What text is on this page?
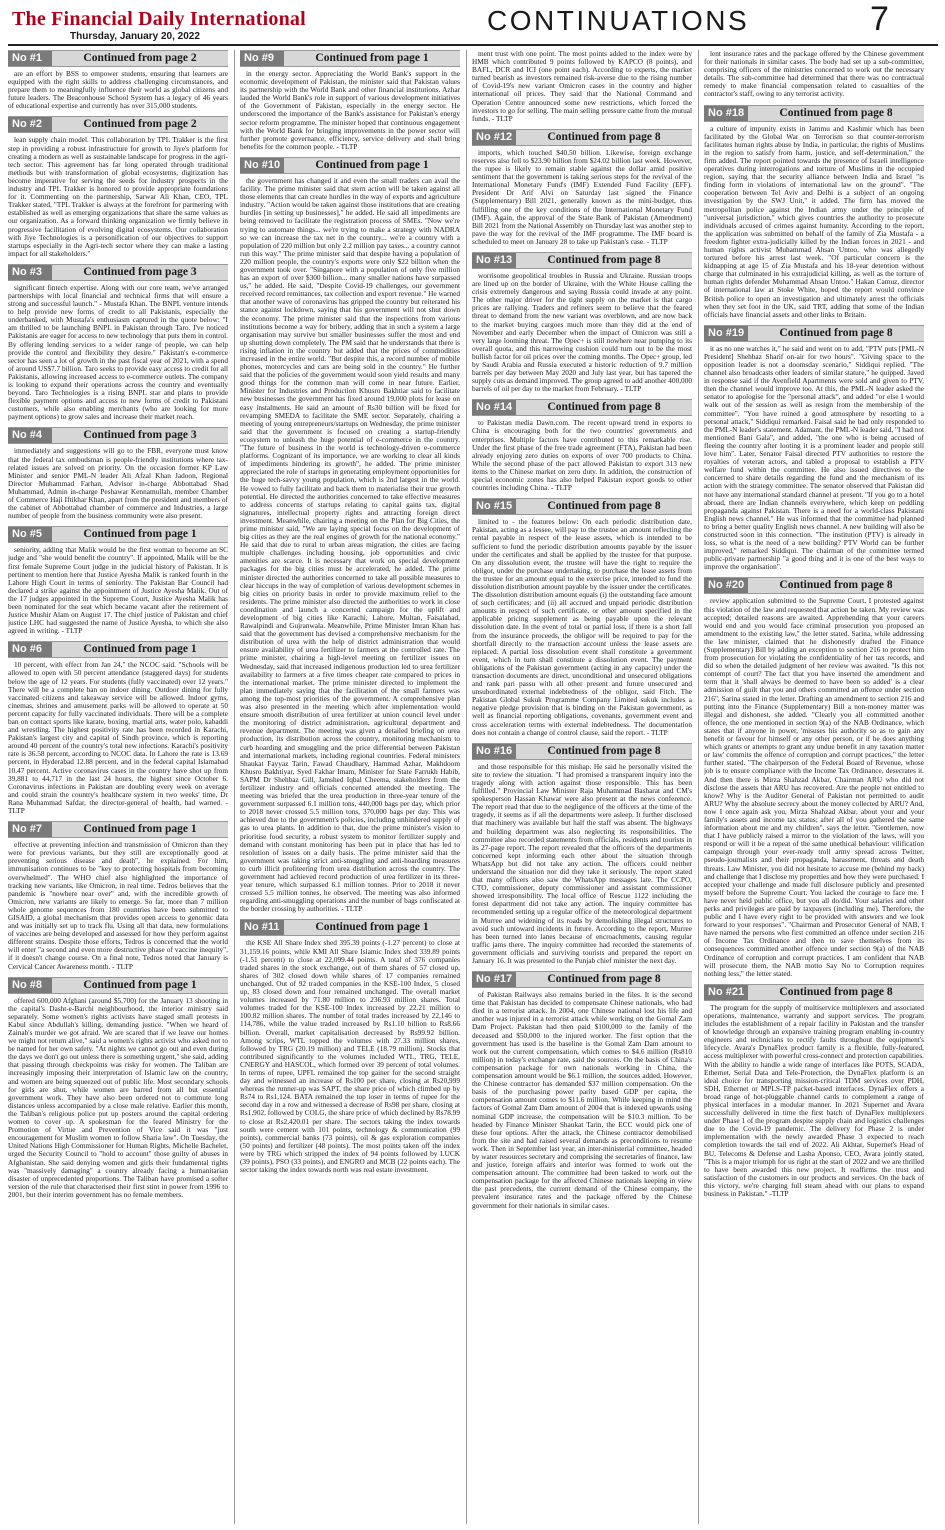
The Financial Daily International
Thursday, January 20, 2022
CONTINUATIONS	7
No #1	Continued from page 2

are an effort by BSS to empower students, ensuring that learners are equipped with the right skills to address challenging circumstances, and prepare them to meaningfully influence their world as global citizens and future leaders. The Beaconhouse School System has a legacy of 46 years of educational expertise and currently has over 315,000 students.

No #2	Continued from page 2

lean supply chain model. This collaboration by TPL Trakker is the first step in providing a robust infrastructure for growth to Jiye's platform for creating a modern as well as sustainable landscape for progress in the agri-tech sector. This agreement has far long operated through traditional methods but with transformation of global ecosystems, digitization has become imperative for serving the seeds for industry prospects in the industry and TPL Trakker is honored to provide appropriate foundations for it. Commenting on the partnership, Sarwar Ali Khan, CEO, TPL Trakker stated, "TPL Trakker is always at the forefront for partnering with established as well as emerging organizations that share the same values as our organization. As a forward thinking organization we firmly believe in progressive facilitation of evolving digital ecosystems. Our collaboration with Jiye Technologies is a personification of our objectives to support startups especially in the Agri-tech sector where they can make a lasting impact for all stakeholders."

No #3	Continued from page 3

significant fintech expertise. Along with our core team, we've arranged partnerships with local financial and technical firms that will ensure a strong and successful launch." - Mustafa Khan. The BNPL venture intends to help provide new forms of credit to all Pakistanis, especially the underbanked, with Mustafa's enthusiasm captured in the quote below: "I am thrilled to be launching BNPL in Pakistan through Taro. I've noticed Pakistanis are eager for access to new technology that puts them in control. By offering lending services to a wider range of people, we can help provide the control and flexibility they desire." Pakistan's e-commerce sector has seen a lot of growth in the past fiscal year of 2021, with a spend of around US$7.7 billion. Taro seeks to provide easy access to credit for all Pakistanis, allowing increased access to e-commerce outlets. The company is looking to expand their operations across the country and eventually beyond. Taro Technologies is a rising BNPL star and plans to provide flexible payment options and access to new forms of credit to Pakistani customers, while also enabling merchants (who are looking for more payment options) to grow sales and increase their market reach.

No #4	Continued from page 3

immediately and suggestions will go to the FBR, everyone must know that the federal tax ombudsman is people-friendly institutions where tax-related issues are solved on priority. On the occasion former KP Law Minister and senior PML-N leader Ali Afzal Khan Jadoon, Regional Director Muhammad Farhan, Advisor in-charge Abbottabad Shad Muhammad, Admin in-charge Peshawar Kennamullah, member Chamber of Commerce Haji Iftikhar Khan, apart from the president and members of the cabinet of Abbottabad chamber of commerce and Industries, a large number of people from the business community were also present.

No #5	Continued from page 1

seniority, adding that Malik would be the first woman to become an SC judge and "she would benefit the country". If appointed, Malik will be the first female Supreme Court judge in the judicial history of Pakistan. It is pertinent to mention here that Justice Ayesha Malik is ranked fourth in the Lahore High Court in terms of seniority. The Pakistan Bar Council had declared a strike against the appointment of Justice Ayesha Malik. Out of the 17 judges appointed in the Supreme Court, Justice Ayesha Malik has been nominated for the seat which became vacant after the retirement of Justice Mushir Alam on August 17. The chief justice of Pakistan and chief justice LHC had suggested the name of Justice Ayesha, to which she also agreed in writing. - TLTP

No #6	Continued from page 1

10 percent, with effect from Jan 24," the NCOC said. "Schools will be allowed to open with 50 percent attendance (staggered days) for students below the age of 12 years. For students (fully vaccinated) over 12 years." There will be a complete ban on indoor dining. Outdoor dining for fully vaccinated citizens and takeaway service will be allowed. Indoor gyms, cinemas, shrines and amusement parks will be allowed to operate at 50 percent capacity for fully vaccinated individuals. There will be a complete ban on contact sports like karate, boxing, martial arts, water polo, kabaddi and wrestling. The highest positivity rate has been recorded in Karachi, Pakistan's largest city and capital of Sindh province, which is reporting around 40 percent of the country's total new infections. Karachi's positivity rate is 36.58 percent, according to NCOC data. In Lahore the rate is 13.69 percent, in Hyderabad 12.88 percent, and in the federal capital Islamabad 10.47 percent. Active coronavirus cases in the country have shot up from 39,881 to 44,717 in the last 24 hours, the highest since October 6. Coronavirus infections in Pakistan are doubling every week on average and could strain the country's healthcare system in two weeks' time, Dr Rana Muhammad Safdar, the director-general of health, had warned. - TLTP

No #7	Continued from page 1

effective at preventing infection and transmission of Omicron than they were for previous variants, but they still are exceptionally good at preventing serious disease and death", he explained. For him, immunisation continues to be "key to protecting hospitals from becoming overwhelmed". The WHO chief also highlighted the importance of tracking new variants, like Omicron, in real time. Tedros believes that the pandemic is "nowhere near over" and, with the incredible growth of Omicron, new variants are likely to emerge. So far, more than 7 million whole genome sequences from 180 countries have been submitted to GISAID, a global mechanism that provides open access to genomic data and was initially set up to track flu. Using all that data, new formulations of vaccines are being developed and assessed for how they perform against different strains. Despite those efforts, Tedros is concerned that the world will enter "a second and even more destructive phase of vaccine inequity", if it doesn't change course. On a final note, Tedros noted that January is Cervical Cancer Awareness month. - TLTP

No #8	Continued from page 1

offered 600,000 Afghani (around $5,700) for the January 13 shooting in the capital's Dasht-e-Barchi neighbourhood, the interior ministry said separately. Some women's rights activists have staged small protests in Kabul since Abdullah's killing, demanding justice. "When we heard of Zainab's murder we got afraid. We are scared that if we leave our homes we might not return alive," said a women's rights activist who asked not to be named for her own safety. "At nights we cannot go out and even during the days we don't go out unless there is something urgent," she said, adding that passing through checkpoints was risky for women. The Taliban are increasingly imposing their interpretation of Islamic law on the country, and women are being squeezed out of public life. Most secondary schools for girls are shut, while women are barred from all but essential government work. They have also been ordered not to commute long distances unless accompanied by a close male relative. Earlier this month, the Taliban's religious police put up posters around the capital ordering women to cover up. A spokesman for the feared Ministry for the Promotion of Virtue and Prevention of Vice said it was "just encouragement for Muslim women to follow Sharia law". On Tuesday, the United Nations High Commissioner for Human Rights, Michelle Bachelet, urged the Security Council to "hold to account" those guilty of abuses in Afghanistan. She said denying women and girls their fundamental rights was "massively damaging" a country already facing a humanitarian disaster of unprecedented proportions. The Taliban have promised a softer version of the rule that characterised their first stint in power from 1996 to 2001, but their interim government has no female members.

No #9	Continued from page 1

in the energy sector. Appreciating the World Bank's support in the economic development of Pakistan, the minister said that Pakistan values its partnership with the World Bank and other financial institutions. Azhar lauded the World Bank's role in support of various development initiatives of the Government of Pakistan, especially in the energy sector. He underscored the importance of the Bank's assistance for Pakistan's energy sector reform programme. The minister hoped that continuous engagement with the World Bank for bringing improvements in the power sector will further promote governance, efficiency, service delivery and shall bring benefits for the common people. - TLTP

No #10	Continued from page 1

the government has changed it and even the small traders can avail the facility. The prime minister said that stern action will be taken against all those elements that can create hurdles in the way of exports and agriculture industry. "Action would be taken against those institutions that are creating hurdles [in setting up businesses]," he added. He said all impediments are being removed to facilitate the registration process of SMEs. "Now we're trying to automate things... we're trying to make a strategy with NADRA so we can increase the tax net in the country... we're a country with a population of 220 million but only 2.2 million pay taxes... a country cannot run this way." The prime minister said that despite having a population of 220 million people, the country's exports were only $22 billion when the government took over. "Singapore with a population of only five million has an export of over $300 billion... many smaller nations have surpassed us," he added. He said, "Despite Covid-19 challenges, our government received record remittances, tax collection and export revenue." He warned that another wave of coronavirus has gripped the country but reiterated his stance against lockdown, saying that his government will not shut down the economy. The prime minister said that the inspections from various institutions become a way for bribery, adding that in such a system a large organisation may survive but smaller businesses suffer the most and end up shutting down completely. The PM said that he understands that there is rising inflation in the country but added that the prices of commodities increased in the entire world. "But despite this, a record number of mobile phones, motorcycles and cars are being sold in the country." He further said that the policies of the government would soon yield results and many good things for the common man will come in near future. Earlier, Minister for Industries and Production Khusro Bakhtiar said to facilitate new businesses the government has fixed around 19,000 plots for lease on easy instalments. He said an amount of Rs30 billion will be fixed for revamping SMEDA to facilitate the SME sector. Separately, chairing a meeting of young entrepreneurs/startups on Wednesday, the prime minister said that the government is focused on creating a startup-friendly ecosystem to unleash the huge potential of e-commerce in the country. "The future of business in the world is technology-driven e-commerce platforms. Cognizant of its importance, we are working to clear all kinds of impediments hindering its growth", he added. The prime minister appreciated the role of startups in generating employment opportunities for the huge tech-savvy young population, which is 2nd largest in the world. He vowed to fully facilitate and back them to materialise their true growth potential. He directed the authorities concerned to take effective measures to address concerns of startups relating to capital gains tax, digital signatures, intellectual property rights and attracting foreign direct investment. Meanwhile, chairing a meeting on the Plan for Big Cities, the prime minister said, "We are laying special focus on the development of big cities as they are the real engines of growth for the national economy." He said that due to rural to urban areas migration, the cities are facing multiple challenges including housing, job opportunities and civic amenities are scarce. It is necessary that work on special development packages for the big cities must be accelerated, he added. The prime minister directed the authorities concerned to take all possible measures to clear hiccups in the way of completion of various development schemes in big cities on priority basis in order to provide maximum relief to the residents. The prime minister also directed the authorities to work in close coordination and launch a concerted campaign for the uplift and development of big cities like Karachi, Lahore, Multan, Faisalabad, Rawalpindi and Gujranwala. Meanwhile, Prime Minister Imran Khan has said that the government has devised a comprehensive mechanism for the distribution of urea with the help of district administration that would ensure availability of urea fertilizer to farmers at the controlled rate. The prime minister, chairing a high-level meeting on fertilizer issues on Wednesday, said that increased indigenous production led to urea fertilizer availability to farmers at a five times cheaper rate compared to prices in the international market. The prime minister directed to implement the plan immediately saying that the facilitation of the small farmers was among the top-most priorities of the government. A comprehensive plan was also presented in the meeting which after implementation would ensure smooth distribution of urea fertilizer at union council level under the monitoring of district administration, agricultural department and revenue department. The meeting was given a detailed briefing on urea production, its distribution across the country, monitoring mechanism to curb hoarding and smuggling and the price differential between Pakistan and international markets, including regional countries. Federal ministers Shaukat Fayyaz Tarin, Fawad Chaudhary, Hammad Azhar, Makhdoom Khusro Bakhtiyar, Syed Fakhar Imam, Minister for State Farrukh Habib, SAPM Dr Shehbaz Gill, Jamshed Iqbal Cheema, stakeholders from the fertilizer industry and officials concerned attended the meeting. The meeting was briefed that the urea production in three-year tenure of the government surpassed 6.1 million tons, 440,000 bags per day, which prior to 2018 never crossed 5.5 million tons, 370,000 bags per day. This was achieved due to the government's policies, including unhindered supply of gas to urea plants. In addition to that, due the prime minister's vision to prioritise food security, a robust system to monitor fertilizer supply and demand with constant monitoring has been put in place that has led to resolution of issues on a daily basis. The prime minister said that the government was taking strict anti-smuggling and anti-hoarding measures to curb illicit profiteering from urea distribution across the country. The government had achieved record production of urea fertilizer in its three-year tenure, which surpassed 6.1 million tonnes. Prior to 2018 it never crossed 5.5 million tonnes, he observed. The meeting was also informed regarding anti-smuggling operations and the number of bags confiscated at the border crossing by authorities. - TLTP

No #11	Continued from page 1

the KSE All Share Index shed 395.39 points (-1.27 percent) to close at 31,159.16 points, while KMI All Share Islamic Index shed 339.89 points (-1.51 percent) to close at 22,099.44 points. A total of 376 companies traded shares in the stock exchange, out of them shares of 57 closed up, shares of 302 closed down while shares of 17 companies remained unchanged. Out of 92 traded companies in the KSE-100 Index, 5 closed up, 83 closed down and four remained unchanged. The overall market volumes increased by 71.80 million to 236.93 million shares. Total volumes traded for the KSE-100 Index increased by 22.21 million to 100.82 million shares. The number of total trades increased by 22,146 to 114,786, while the value traded increased by Rs1.10 billion to Rs8.66 billion. Overall, market capitalisation decreased by Rs99.92 billion. Among scrips, WTL topped the volumes with 27.33 million shares, followed by TRG (20.19 million) and TELE (18.79 million). Stocks that contributed significantly to the volumes included WTL, TRG, TELE, CNERGY and HASCOL, which formed over 39 percent of total volumes. In terms of rupee, UPFL remained the top gainer for the second straight day and witnessed an increase of Rs100 per share, closing at Rs20,999 whereas the runner-up was SAPT, the share price of which climbed up by Rs74 to Rs1,124. BATA remained the top loser in terms of rupee for the second day in a row and witnessed a decrease of Rs98 per share, closing at Rs1,902, followed by COLG, the share price of which declined by Rs78.99 to close at Rs2,420.01 per share. The sectors taking the index towards south were cement with 101 points, technology & communication (99 points), commercial banks (73 points), oil & gas exploration companies (50 points) and fertilizer (48 points). The most points taken off the index were by TRG which stripped the index of 94 points followed by LUCK (39 points), PSO (33 points), and ENGRO and MCB (22 points each). The sector taking the index towards north was real estate investment.

ment trust with one point. The most points added to the index were by HMB which contributed 9 points followed by KAPCO (8 points), and BAFL, DCR and ICI (one point each). According to experts, the market turned bearish as investors remained risk-averse due to the rising number of Covid-19's new variant Omicron cases in the country and higher international oil prices. They said that the National Command and Operation Centre announced some new restrictions, which forced the investors to go for selling. The main selling pressure came from the mutual funds. - TLTP

No #12	Continued from page 8

imports, which touched $40.50 billion. Likewise, foreign exchange reserves also fell to $23.90 billion from $24.02 billion last week. However, the rupee is likely to remain stable against the dollar amid positive sentiment that the government is taking serious steps for the revival of the International Monetary Fund's (IMF) Extended Fund Facility (EFF). President Dr Arif Alvi on Saturday last signed the Finance (Supplementary) Bill 2021, generally known as the mini-budget, thus fulfilling one of the key conditions of the International Monetary Fund (IMF). Again, the approval of the State Bank of Pakistan (Amendment) Bill 2021 from the National Assembly on Thursday last was another step to pave the way for the revival of the IMF programme. The IMF board is scheduled to meet on January 28 to take up Pakistan's case. - TLTP

No #13	Continued from page 8

worrisome geopolitical troubles in Russia and Ukraine. Russian troops are lined up on the border of Ukraine, with the White House calling the crisis extremely dangerous and saying Russia could invade at any point. The other major driver for the tight supply on the market is that cargo prices are rallying. Traders and refiners seem to believe that the feared threat to demand from the new variant was overblown, and are now back to the market buying cargoes much more than they did at the end of November and early December when the impact of Omicron was still a very large looming threat. The Opec+ is still nowhere near pumping to its overall quota, and this narrowing cushion could turn out to be the most bullish factor for oil prices over the coming months. The Opec+ group, led by Saudi Arabia and Russia executed a historic reduction of 9.7 million barrels per day between May 2020 and July last year, but has tapered the supply cuts as demand improved. The group agreed to add another 400,000 barrels of oil per day to the market from February. - TLTP

No #14	Continued from page 8

to Pakistan media Dawn.com. The recent upward trend in exports to China is encouraging both for the two countries' governments and enterprises. Multiple factors have contributed to this remarkable rise. Under the first phase of the free trade agreement (FTA), Pakistan had been already enjoying zero duties on exports of over 700 products to China. While the second phase of the pact allowed Pakistan to export 313 new items to the Chinese market on zero duty. In addition, the construction of special economic zones has also helped Pakistan export goods to other countries including China. - TLTP

No #15	Continued from page 8

limited to - the features below: On each periodic distribution date, Pakistan, acting as a lessee, will pay to the trustee an amount reflecting the rental payable in respect of the lease assets, which is intended to be sufficient to fund the periodic distribution amounts payable by the issuer under the certificates and shall be applied by the trustee for that purpose. On any dissolution event, the trustee will have the right to require the obligor, under the purchase undertaking, to purchase the lease assets from the trustee for an amount equal to the exercise price, intended to fund the dissolution distribution amount payable by the issuer under the certificates. The dissolution distribution amount equals (i) the outstanding face amount of such certificates; and (ii) all accrued and unpaid periodic distribution amounts in respect of such certificate, or other amount specified in the applicable pricing supplement as being payable upon the relevant dissolution date. In the event of total or partial loss, if there is a short fall from the insurance proceeds, the obligor will be required to pay for the shortfall directly to the transaction account unless the lease assets are replaced. A partial loss dissolution event shall constitute a government event, which in turn shall constitute a dissolution event. The payment obligations of the Pakistan government (acting in any capacity) under the transaction documents are direct, unconditional and unsecured obligations and rank pari passu with all other present and future unsecured and unsubordinated external indebtedness of the obligor, said Fitch. The Pakistan Global Sukuk Programme Company Limited sukuk includes a negative pledge provision that is binding on the Pakistan government, as well as financial reporting obligations, covenants, government event and cross acceleration terms with external indebtedness. The documentation does not contain a change of control clause, said the report. - TLTP

No #16	Continued from page 8

and those responsible for this mishap. He said he personally visited the site to review the situation. "I had promised a transparent inquiry into the tragedy along with action against those responsible. This has been fulfilled." Provincial Law Minister Raja Muhammad Basharat and CM's spokesperson Hassan Khawar were also present at the news conference. The report read that due to the negligence of the officers at the time of the tragedy, it seems as if all the departments were asleep. It further disclosed that machinery was available but half the staff was absent. The highways and building department was also neglecting its responsibilities. The committee also recorded statements from officials, residents and tourists in its 27-page report. The report revealed that the officers of the departments concerned kept informing each other about the situation through WhatsApp but did not take any action. The officers could neither understand the situation nor did they take it seriously. The report stated that many officers also saw the WhatsApp messages late. The CCPO, CTO, commissioner, deputy commissioner and assistant commissioner showed irresponsibility. The local office of Rescue 1122 including the forest department did not take any action. The inquiry committee has recommended setting up a regular office of the meteorological department in Murree and widening of its roads by demolishing illegal structures to avoid such untoward incidents in future. According to the report, Murree has been turned into lanes because of encroachments, causing regular traffic jams there. The inquiry committee had recorded the statements of government officials and surviving tourists and prepared the report on January 16. It was presented to the Punjab chief minister the next day.

No #17	Continued from page 8

of Pakistan Railways also remains buried in the files. It is the second time that Pakistan has decided to compensate Chinese nationals, who had died in a terrorist attack. In 2004, one Chinese national lost his life and another was injured in a terrorist attack while working on the Gomal Zam Dam Project. Pakistan had then paid $100,000 to the family of the deceased and $50,000 to the injured worker. The first option that the government has used is the baseline is the Gomal Zam Dam amount to work out the current compensation, which comes to $4.6 million (Rs810 million) in today's exchange rate, said the sources. On the basis of China's compensation package for own nationals working in China, the compensation amount would be $6.1 million, the sources added. However, the Chinese contractor has demanded $37 million compensation. On the basis of the purchasing power parity based GDP per capita, the compensation amount comes to $11.6 million. While keeping in mind the factors of Gomal Zam Dam amount of 2004 that is indexed upwards using nominal GDP increase, the compensation will be $10.3 million. To be headed by Finance Minister Shaukat Tarin, the ECC would pick one of these four options. After the attack, the Chinese contractor demobilised from the site and had raised several demands as preconditions to resume work. Then in September last year, an inter-ministerial committee, headed by water resources secretary and comprising the secretaries of finance, law and justice, foreign affairs and interior was formed to work out the compensation amount. The committee had been tasked to work out the compensation package for the affected Chinese nationals keeping in view the past precedents, the current demand of the Chinese company, the prevalent insurance rates and the package offered by the Chinese government for their nationals in similar cases.

lent insurance rates and the package offered by the Chinese government for their nationals in similar cases. The body had set up a sub-committee, comprising officers of the ministries concerned to work out the necessary details. The sub-committee had determined that there was no contractual remedy to make financial compensation related to casualties of the contractor's staff, owing to any terrorist activity.

No #18	Continued from page 8

a culture of impunity exists in Jammu and Kashmir which has been facilitated by the Global War on Terrorism so that counter-terrorism facilitates human rights abuse by India, in particular, the rights of Muslims in the region to satisfy from harm, justice, and self-determination," the firm added. The report pointed towards the presence of Israeli intelligence operatives during interrogations and torture of Muslims in the occupied region, saying that the security alliance between India and Israel "is finding form in violations of international law on the ground". "The cooperation between Tel Aviv and Delhi is a subject of an ongoing investigation by the SWJ Unit," it added. The firm has moved the metropolitan police against the Indian army under the principle of "universal jurisdiction," which gives countries the authority to prosecute individuals accused of crimes against humanity. According to the report, the application was submitted on behalf of the family of Zia Mustafa - a freedom fighter extra-judicially killed by the Indian forces in 2021 - and human rights activist Muhammad Ahsan Untoo, who was allegedly tortured before his arrest last week. "Of particular concern is the kidnapping at age 15 of Zia Mustafa and his 18-year detention without charge that culminated in his extrajudicial killing, as well as the torture of human rights defender Muhammad Ahsan Untoo." Hakan Camuz, director of international law at Stoke White, hoped the report would convince British police to open an investigation and ultimately arrest the officials when they set foot in the UK, said TRT, adding that some of the Indian officials have financial assets and other links to Britain.

No #19	Continued from page 8

it as no one watches it," he said and went on to add, "PTV puts [PML-N President] Shehbaz Sharif on-air for two hours". "Giving space to the opposition leader is not a doomsday scenario," Siddiqui replied. "The channel also broadcasts other leaders of similar stature," he quipped. Javed in response said if the Avenfield Apartments were sold and given to PTV, then the channel would improve too. At this, the PML-N leader asked the senator to apologise for the "personal attack", and added "or else I would walk out of the session as well as resign from the membership of the committee". "You have ruined a good atmosphere by resorting to a personal attack," Siddiqui remarked. Faisal said he had only responded to the PML-N leader's statement. Adamant, the PML-N leader said, "I had not mentioned Bani Gala", and added, "the one who is being accused of fleeing the country after looting it is a prominent leader and people still love him". Later, Senator Faisal directed PTV authorities to restore the royalties of veteran actors, and tabled a proposal to establish a PTV welfare fund within the committee. He also issued directives to the concerned to share details regarding the fund and the mechanism of its action with the strategy committee. The senator observed that Pakistan did not have any international standard channel at present. "If you go to a hotel abroad, there are Indian channels everywhere, which keep on peddling propaganda against Pakistan. There is a need for a world-class Pakistani English news channel." He was informed that the committee had planned to bring a better quality English news channel. A new building will also be constructed soon in this connection. "The institution (PTV) is already in loss, so what is the need of a new building? PTV World can be further improved," remarked Siddiqui. The chairman of the committee termed public-private partnership "a good thing and it is one of the best ways to improve the organisation".

No #20	Continued from page 8

review application submitted to the Supreme Court, I protested against this violation of the law and requested that action be taken. My review was accepted; detailed reasons are awaited. Apprehending that your careers would end and you would face criminal prosecution you proposed an amendment to the existing law," the letter stated. Sarina, while addressing the law minister, claimed that he dishonestly drafted the Finance (Supplementary) Bill by adding an exception to section 216 to protect him from prosecution for violating the confidentiality of her tax records, and did so when the detailed judgment of her review was awaited. "Is this not contempt of court? The fact that you have inserted the amendment and term that it 'shall always be deemed to have been so added' is a clear admission of guilt that you and others committed an offence under section 216", Sarina stated in the letter. Drafting an amendment to section 216 and putting into the Finance (Supplementary) Bill a non-money matter was illegal and dishonest, she added. "Clearly you all committed another offence, the one mentioned in section 9(a) of the NAB Ordinance, which states that if anyone in power, 'misuses his authority so as to gain any benefit or favour for himself or any other person, or if he does anything which grants or attempts to grant any undue benefit in any taxation matter or law' commits the offence of corruption and corrupt practices," the letter further stated. "The chairperson of the Federal Board of Revenue, whose job is to ensure compliance with the Income Tax Ordinance, desecrates it. And then there is Mirza Shahzad Akbar, Chairman ARU who did not disclose the assets that ARU has recovered. Are the people not entitled to know? Why is the Auditor General of Pakistan not permitted to audit ARU? Why the absolute secrecy about the money collected by ARU? And, now I once again ask you, Mirza Shahzad Akbar, about your and your family's assets and income tax status; after all of you gathered the same information about me and my children", says the letter. "Gentlemen, now that I have publicly raised a mirror to the violation of the laws, will you respond or will it be a repeat of the same unethical behaviour: vilification campaign through your ever-ready troll army spread across Twitter, pseudo-journalists and their propaganda, harassment, threats and death threats. Law Minister, you did not hesitate to accuse me (behind my back) and challenge that I disclose my properties and how they were purchased. I accepted your challenge and made full disclosure publicly and presented myself before the Supreme Court. You lacked the courage to face me. I have never held public office, but you all do/did. Your salaries and other perks and privileges are paid by taxpayers (including me). Therefore, the public and I have every right to be provided with answers and we look forward to your responses". "Chairman and Prosecutor General of NAB, I have named the persons who first committed an offence under section 216 of Income Tax Ordinance and then to save themselves from its consequences committed another offence under section 9(a) of the NAB Ordinance of corruption and corrupt practices. I am confident that NAB will prosecute them, the NAB motto Say No to Corruption requires nothing less," the letter stated.

No #21	Continued from page 8

The program for the supply of multiservice multiplexers and associated operations, maintenance, warranty and support services. The program includes the establishment of a repair facility in Pakistan and the transfer of knowledge through an expansive training program enabling in-country engineers and technicians to rectify faults throughout the equipment's lifecycle. Avara's DynaFlex product family is a flexible, fully-featured, access multiplexer with powerful cross-connect and protection capabilities. With the ability to handle a wide range of interfaces like POTS, SCADA, Ethernet, Serial Data and Tele-Protection, the DynaFlex platform is an ideal choice for transporting mission-critical TDM services over PDH, SDH, Ethernet or MPLS-TP packet-based interfaces. DynaFlex offers a broad range of hot-pluggable channel cards to complement a range of physical interfaces in a modular manner. In 2021 Supernet and Avara successfully delivered in time the first batch of DynaFlex multiplexers under Phase 1 of the program despite supply chain and logistics challenges due to the Covid-19 pandemic. The delivery for Phase 2 is under implementation with the newly awarded Phase 3 expected to reach completion towards the tail end of 2022. Ali Akhtar, Supernet's Head of BU, Telecoms & Defense and Lasha Aponso, CEO, Avara jointly stated, "This is a major triumph for us right at the start of 2022 and we are thrilled to have been awarded this new project. It reaffirms the trust and satisfaction of the customers in our products and services. On the back of this victory, we're charging full steam ahead with our plans to expand business in Pakistan." -TLTP
